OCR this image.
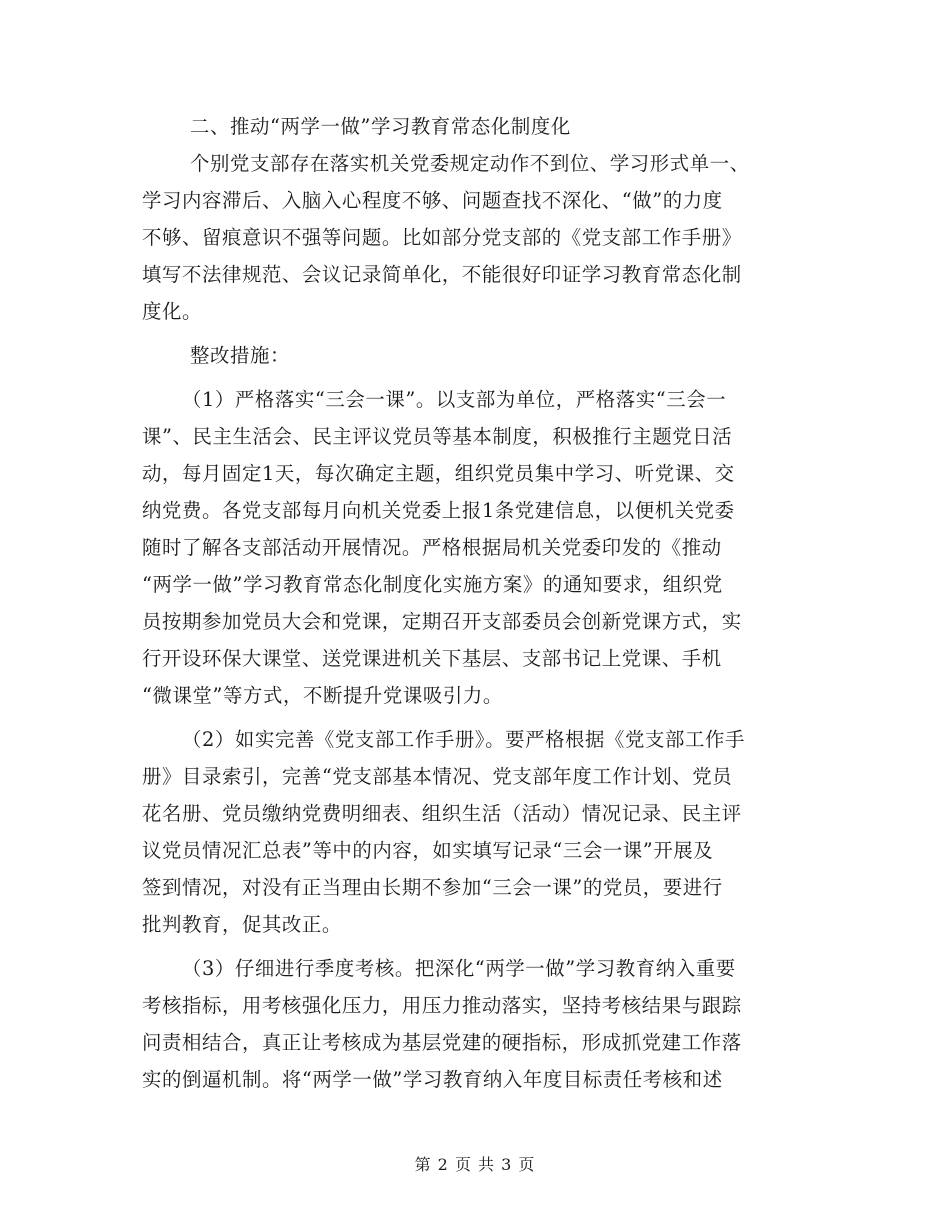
二、推动“两学一做”学习教育常态化制度化
个别党支部存在落实机关党委规定动作不到位、学习形式单一、
学习内容滞后、入脑入心程度不够、问题查找不深化、“做”的力度
不够、留痕意识不强等问题。比如部分党支部的《党支部工作手册》
填写不法律规范、会议记录简单化，不能很好印证学习教育常态化制
度化。
整改措施：
（1）严格落实“三会一课”。以支部为单位，严格落实“三会一
课”、民主生活会、民主评议党员等基本制度，积极推行主题党日活
动，每月固定1天，每次确定主题，组织党员集中学习、听党课、交
纳党费。各党支部每月向机关党委上报1条党建信息，以便机关党委
随时了解各支部活动开展情况。严格根据局机关党委印发的《推动
“两学一做”学习教育常态化制度化实施方案》的通知要求，组织党
员按期参加党员大会和党课，定期召开支部委员会创新党课方式，实
行开设环保大课堂、送党课进机关下基层、支部书记上党课、手机
“微课堂”等方式，不断提升党课吸引力。
（2）如实完善《党支部工作手册》。要严格根据《党支部工作手
册》目录索引，完善“党支部基本情况、党支部年度工作计划、党员
花名册、党员缴纳党费明细表、组织生活（活动）情况记录、民主评
议党员情况汇总表”等中的内容，如实填写记录“三会一课”开展及
签到情况，对没有正当理由长期不参加“三会一课”的党员，要进行
批判教育，促其改正。
（3）仔细进行季度考核。把深化“两学一做”学习教育纳入重要
考核指标，用考核强化压力，用压力推动落实，坚持考核结果与跟踪
问责相结合，真正让考核成为基层党建的硬指标，形成抓党建工作落
实的倒逼机制。将“两学一做”学习教育纳入年度目标责任考核和述
第 2 页 共 3 页
